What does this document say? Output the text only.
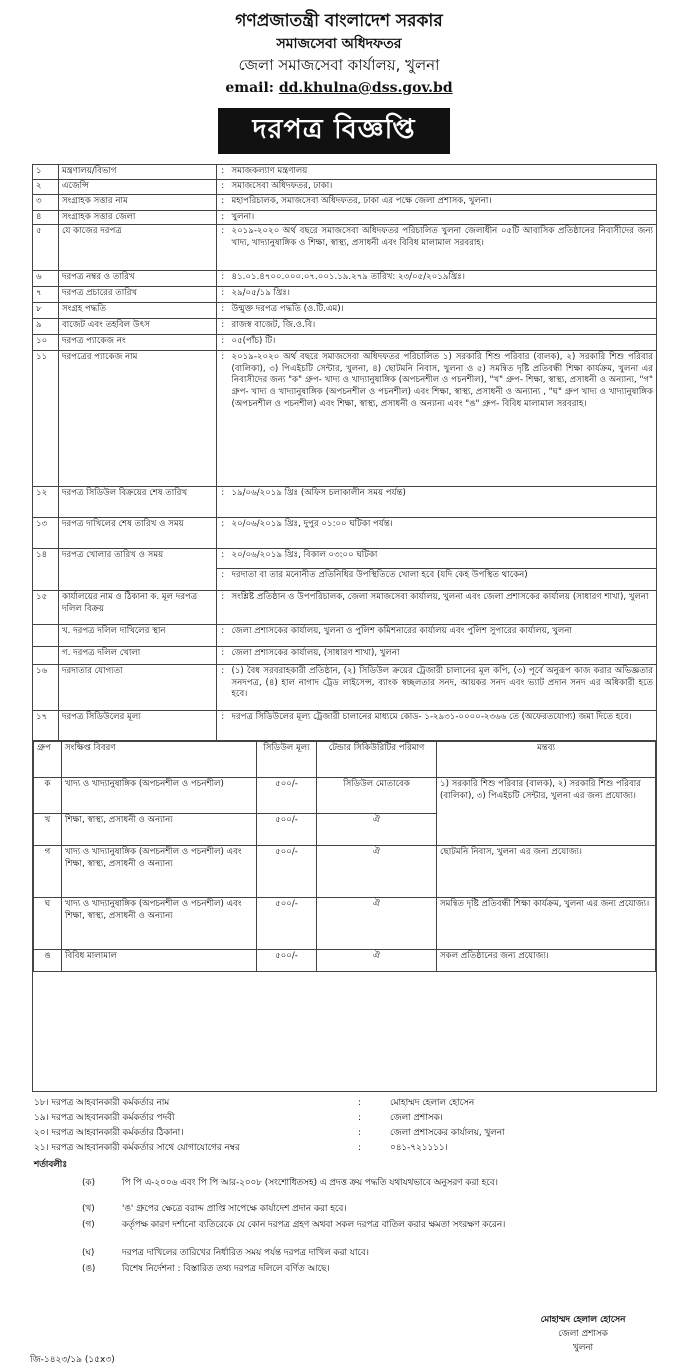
গণপ্রজাতন্ত্রী বাংলাদেশ সরকার
সমাজসেবা অধিদফতর
জেলা সমাজসেবা কার্যালয়, খুলনা
email: dd.khulna@dss.gov.bd
দরপত্র বিজ্ঞপ্তি
১	মন্ত্রণালয়/বিভাগ	:	সমাজকল্যাণ মন্ত্রণালয়
২	এজেন্সি	:	সমাজসেবা অধিদফতর, ঢাকা।
৩	সংগ্রাহক সত্তার নাম	:	মহাপরিচালক, সমাজসেবা অধিদফতর, ঢাকা এর পক্ষে জেলা প্রশাসক, খুলনা।
৪	সংগ্রাহক সত্তার জেলা	:	খুলনা।
৫	যে কাজের দরপত্র	:	২০১৯-২০২০ অর্থ বছরে সমাজসেবা অধিদফতর পরিচালিত খুলনা জেলাধীন ০৫টি আবাসিক প্রতিষ্ঠানের নিবাসীদের জন্য খাদ্য, খাদ্যানুষাঙ্গিক ও শিক্ষা, স্বাস্থ্য, প্রসাধনী এবং বিবিধ মালামাল সরবরাহ।
৬	দরপত্র নম্বর ও তারিখ	:	৪১.০১.৪৭০০.০০০.০৭.০০১.১৯.২৭৯ তারিখ: ২৩/০৫/২০১৯খ্রিঃ।
৭	দরপত্র প্রচারের তারিখ	:	২৯/০৫/১৯ খ্রিঃ।
৮	সংগ্রহ পদ্ধতি	:	উন্মুক্ত দরপত্র পদ্ধতি (ও.টি.এম)।
৯	বাজেট এবং তহবিল উৎস	:	রাজস্ব বাজেট, জি.ও.বি।
১০	দরপত্র প্যাকেজ নং	:	০৫(পাঁচ) টি।
১১	দরপত্রের প্যাকেজ নাম	:	২০১৯-২০২০ অর্থ বছরে সমাজসেবা অধিদফতর পরিচালিত ১) সরকারি শিশু পরিবার (বালক), ২) সরকারি শিশু পরিবার (বালিকা), ৩) পিএইচটি সেন্টার, খুলনা, ৪) ছোটমনি নিবাস, খুলনা ও ৫) সমন্বিত দৃষ্টি প্রতিবন্ধী শিক্ষা কার্যক্রম, খুলনা এর নিবাসীদের জন্য "ক" গ্রুপ- খাদ্য ও খাদ্যানুষাঙ্গিক (অপচনশীল ও পচনশীল), "খ" গ্রুপ- শিক্ষা, স্বাস্থ্য, প্রসাধনী ও অন্যান্য, "গ" গ্রুপ- খাদ্য ও খাদ্যানুষাঙ্গিক (অপচনশীল ও পচনশীল) এবং শিক্ষা, স্বাস্থ্য, প্রসাধনী ও অন্যান্য , "ঘ" গ্রুপ খাদ্য ও খাদ্যানুষাঙ্গিক (অপচনশীল ও পচনশীল) এবং শিক্ষা, স্বাস্থ্য, প্রসাধনী ও অন্যান্য এবং "ঙ" গ্রুপ- বিবিধ মালামাল সরবরাহ।
১২	দরপত্র সিডিউল বিক্রয়ের শেষ তারিখ	:	১৯/০৬/২০১৯ খ্রিঃ (অফিস চলাকালীন সময় পর্যন্ত)
১৩	দরপত্র দাখিলের শেষ তারিখ ও সময়	:	২০/০৬/২০১৯ খ্রিঃ, দুপুর ০১:০০ ঘটিকা পর্যন্ত।
১৪	দরপত্র খোলার তারিখ ও সময়	:	২০/০৬/২০১৯ খ্রিঃ, বিকাল ০৩:০০ ঘটিকা
:	দরদাতা বা তার মনোনীত প্রতিনিধির উপস্থিতিতে খোলা হবে (যদি কেহ উপস্থিত থাকেন)
১৫	কার্যালয়ের নাম ও ঠিকানা ক. মূল দরপত্র দলিল বিক্রয়	:	সংশ্লিষ্ট প্রতিষ্ঠান ও উপপরিচালক, জেলা সমাজসেবা কার্যালয়, খুলনা এবং জেলা প্রশাসকের কার্যালয় (সাধারণ শাখা), খুলনা
	খ. দরপত্র দলিল দাখিলের স্থান	:	জেলা প্রশাসকের কার্যালয়, খুলনা ও পুলিশ কমিশনারের কার্যালয় এবং পুলিশ সুপারের কার্যালয়, খুলনা
	গ. দরপত্র দলিল খোলা	:	জেলা প্রশাসকের কার্যালয়, (সাধারণ শাখা), খুলনা
১৬	দরদাতার যোগ্যতা	:	(১) বৈধ সরবরাহকারী প্রতিষ্ঠান, (২) সিডিউল ক্রয়ের ট্রেজারী চালানের মূল কপি, (৩) পূর্বে অনুরূপ কাজ করার অভিজ্ঞতার সনদপত্র, (৪) হাল নাগাদ ট্রেড লাইসেন্স, ব্যাংক স্বচ্ছলতার সনদ, আয়কর সনদ এবং ভ্যাট প্রদান সনদ এর অধিকারী হতে হবে।
১৭	দরপত্র সিডিউলের মূল্য	:	দরপত্র সিডিউলের মূল্য ট্রেজারী চালানের মাধ্যমে কোড- ১-২৯৩১-০০০০-২৩৬৬ তে (অফেরতযোগ্য) জমা দিতে হবে।

গ্রুপ	সংক্ষিপ্ত বিবরণ	সিডিউল মূল্য	টেন্ডার সিকিউরিটির পরিমাণ	মন্তব্য
ক	খাদ্য ও খাদ্যানুষাঙ্গিক (অপচনশীল ও পচনশীল)	৫০০/-	সিডিউল মোতাবেক	১) সরকারি শিশু পরিবার (বালক), ২) সরকারি শিশু পরিবার (বালিকা), ৩) পিএইচটি সেন্টার, খুলনা এর জন্য প্রযোজ্য।
খ	শিক্ষা, স্বাস্থ্য, প্রসাধনী ও অন্যান্য	৫০০/-	ঐ
গ	খাদ্য ও খাদ্যানুষাঙ্গিক (অপচনশীল ও পচনশীল) এবং শিক্ষা, স্বাস্থ্য, প্রসাধনী ও অন্যান্য	৫০০/-	ঐ	ছোটমনি নিবাস, খুলনা এর জন্য প্রযোজ্য।
ঘ	খাদ্য ও খাদ্যানুষাঙ্গিক (অপচনশীল ও পচনশীল) এবং শিক্ষা, স্বাস্থ্য, প্রসাধনী ও অন্যান্য	৫০০/-	ঐ	সমন্বিত দৃষ্টি প্রতিবন্ধী শিক্ষা কার্যক্রম, খুলনা এর জন্য প্রযোজ্য।
ঙ	বিবিধ মালামাল	৫০০/-	ঐ	সকল প্রতিষ্ঠানের জন্য প্রযোজ্য।
১৮। দরপত্র আহবানকারী কর্মকর্তার নাম	:	মোহাম্মদ হেলাল হোসেন
১৯। দরপত্র আহবানকারী কর্মকর্তার পদবী	:	জেলা প্রশাসক।
২০। দরপত্র আহবানকারী কর্মকর্তার ঠিকানা।	:	জেলা প্রশাসকের কার্যালয়, খুলনা
২১। দরপত্র আহবানকারী কর্মকর্তার সাথে যোগাযোগের নম্বর	:	০৪১-৭২১১১১।
শর্তাবলীঃ
(ক)	পি পি এ-২০০৬ এবং পি পি আর-২০০৮ (সংশোধিতসহ) এ প্রদত্ত ক্রয় পদ্ধতি যথাযথভাবে অনুসরণ করা হবে।
(খ)	'ঙ' গ্রুপের ক্ষেত্রে বরাদ্দ প্রাপ্তি সাপেক্ষে কার্যাদেশ প্রদান করা হবে।
(গ)	কর্তৃপক্ষ কারণ দর্শানো ব্যতিরেকে যে কোন দরপত্র গ্রহণ অথবা সকল দরপত্র বাতিল করার ক্ষমতা সংরক্ষণ করেন।
(ঘ)	দরপত্র দাখিলের তারিখের নির্ধারিত সময় পর্যন্ত দরপত্র দাখিল করা যাবে।
(ঙ)	বিশেষ নির্দেশনা : বিস্তারিত তথ্য দরপত্র দলিলে বর্ণিত আছে।
মোহাম্মদ হেলাল হোসেন
জেলা প্রশাসক
খুলনা
জি-১৪২৩/১৯ (১৫x৩)
